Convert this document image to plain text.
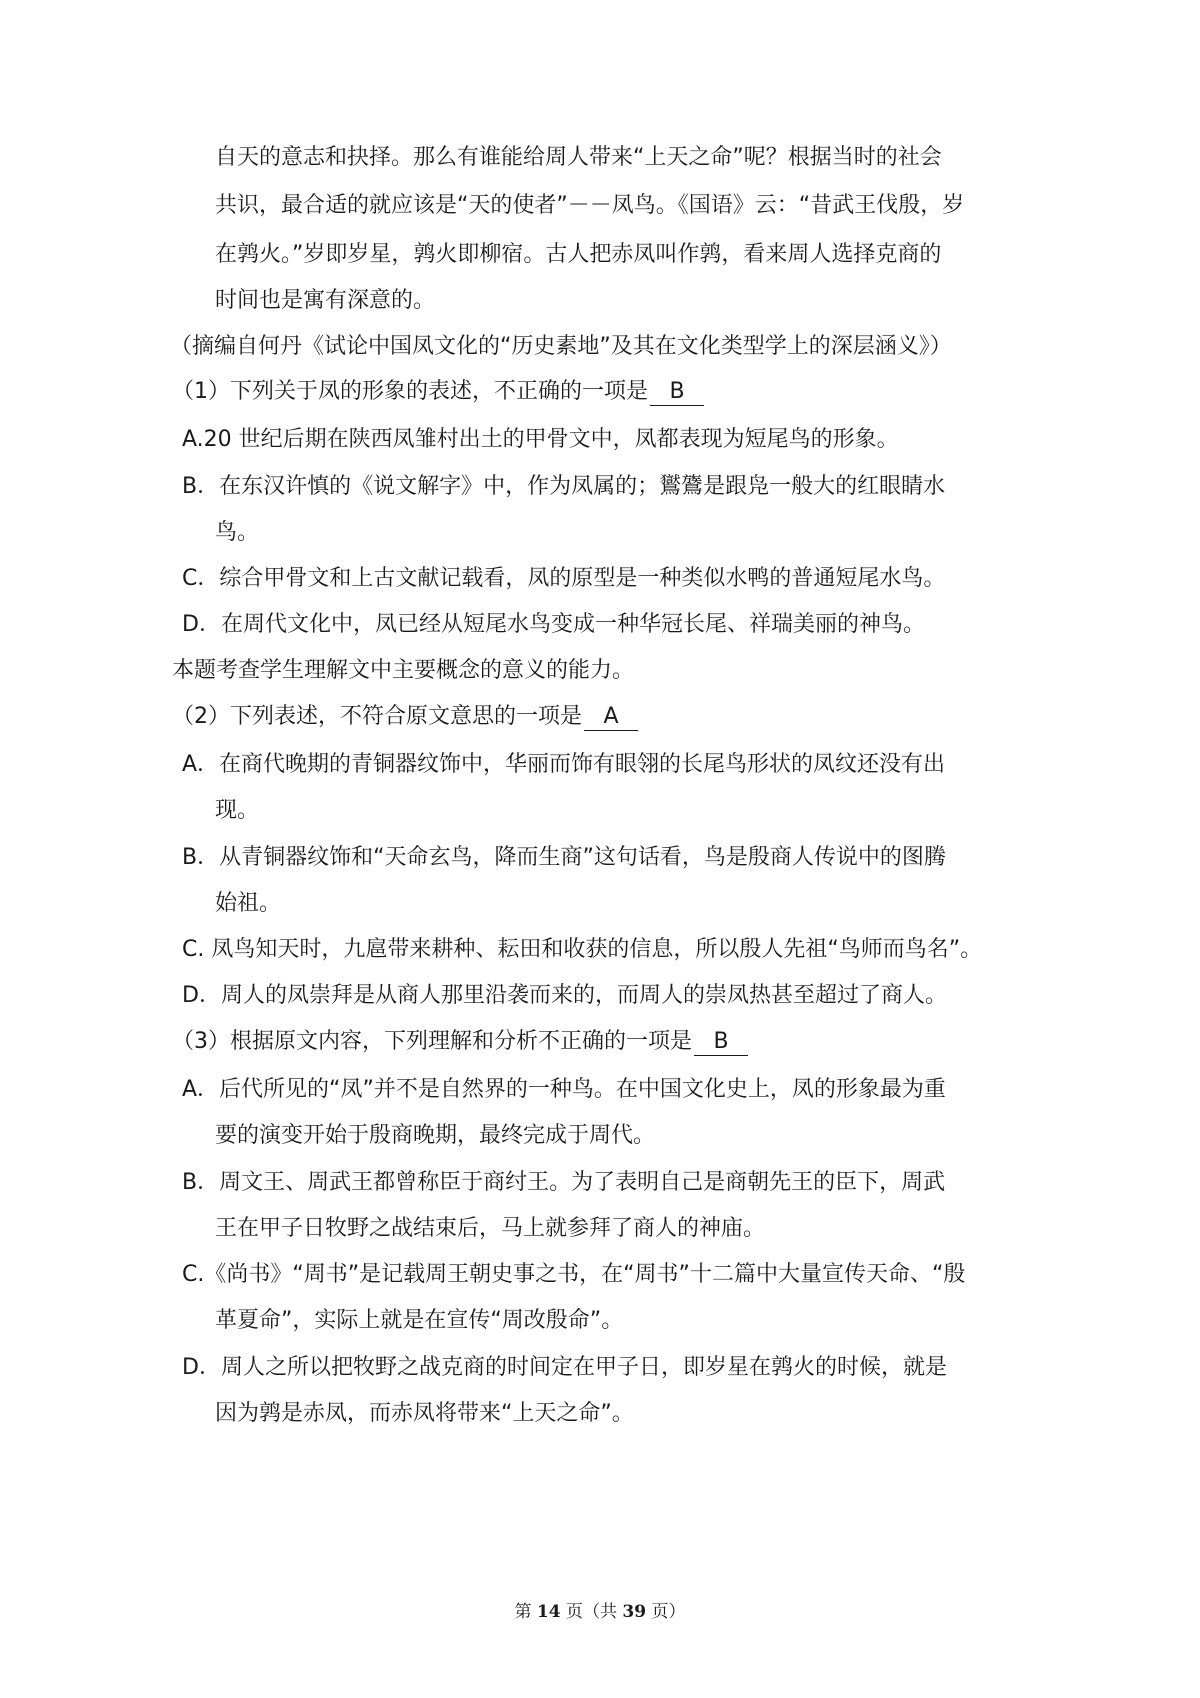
自天的意志和抉择。那么有谁能给周人带来“上天之命”呢？根据当时的社会
共识，最合适的就应该是“天的使者”－－凤鸟。《国语》云：“昔武王伐殷，岁
在鹑火。”岁即岁星，鹑火即柳宿。古人把赤凤叫作鹑，看来周人选择克商的
时间也是寓有深意的。
（摘编自何丹《试论中国凤文化的“历史素地”及其在文化类型学上的深层涵义》）
（1）下列关于凤的形象的表述，不正确的一项是 B
A.20 世纪后期在陕西凤雏村出土的甲骨文中，凤都表现为短尾鸟的形象。
B．在东汉许慎的《说文解字》中，作为凤属的；鸑鷟是跟凫一般大的红眼睛水
鸟。
C．综合甲骨文和上古文献记载看，凤的原型是一种类似水鸭的普通短尾水鸟。
D．在周代文化中，凤已经从短尾水鸟变成一种华冠长尾、祥瑞美丽的神鸟。
本题考查学生理解文中主要概念的意义的能力。
（2）下列表述，不符合原文意思的一项是 A
A．在商代晚期的青铜器纹饰中，华丽而饰有眼翎的长尾鸟形状的凤纹还没有出
现。
B．从青铜器纹饰和“天命玄鸟，降而生商”这句话看，鸟是殷商人传说中的图腾
始祖。
C. 凤鸟知天时，九扈带来耕种、耘田和收获的信息，所以殷人先祖“鸟师而鸟名”。
D．周人的凤崇拜是从商人那里沿袭而来的，而周人的崇凤热甚至超过了商人。
（3）根据原文内容，下列理解和分析不正确的一项是 B
A．后代所见的“凤”并不是自然界的一种鸟。在中国文化史上，凤的形象最为重
要的演变开始于殷商晚期，最终完成于周代。
B．周文王、周武王都曾称臣于商纣王。为了表明自己是商朝先王的臣下，周武
王在甲子日牧野之战结束后，马上就参拜了商人的神庙。
C.《尚书》“周书”是记载周王朝史事之书，在“周书”十二篇中大量宣传天命、“殷
革夏命”，实际上就是在宣传“周改殷命”。
D．周人之所以把牧野之战克商的时间定在甲子日，即岁星在鹑火的时候，就是
因为鹑是赤凤，而赤凤将带来“上天之命”。
第 14 页（共 39 页）
